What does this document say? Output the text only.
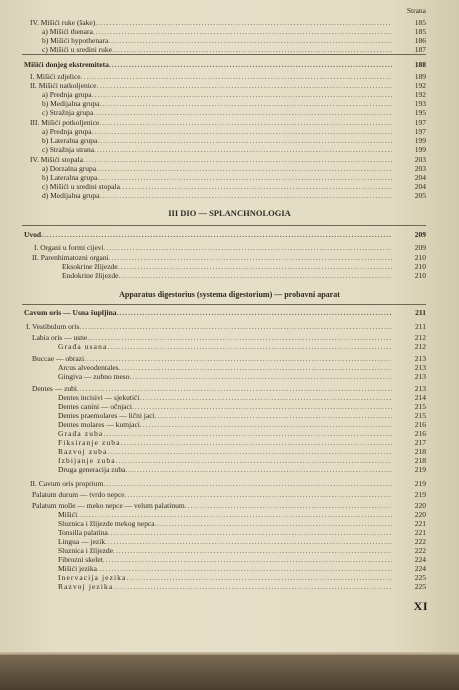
Strana
III DIO — SPLANCHNOLOGIA
Apparatus digestorius (systema digestorium) — probavni aparat
IV. Mišići ruke (šake) .....	185
a) Mišići thenara .....	185
b) Mišići hypothenara .....	186
c) Mišići u sredini ruke .....	187
Mišići donjeg ekstremiteta .....	188
I. Mišići zdjelice .....	189
II. Mišići natkoljenice .....	192
a) Prednja grupa .....	192
b) Medijalna grupa .....	193
c) Stražnja grupa .....	195
III. Mišići potkoljenice .....	197
a) Prednja grupa .....	197
b) Lateralna grupa .....	199
c) Stražnja strana .....	199
IV. Mišići stopala .....	203
a) Dorzalna grupa .....	203
b) Lateralna grupa .....	204
c) Mišići u sredini stopala .....	204
d) Medijalna grupa .....	205
Uvod .....	209
I. Organi u formi cijevi .....	209
II. Parenhimatozni organi .....	210
Eksokrine žlijezde .....	210
Endokrine žlijezde .....	210
Cavum oris — Usna šupljina .....	211
I. Vestibulum oris .....	211
Labia oris — usne .....	212
Građa usana .....	212
Buccae — obrazi .....	213
Arcus alveodentales .....	213
Gingiva — zubno meso .....	213
Dentes — zubi .....	213
Dentes incisivi — sjekutići .....	214
Dentes canini — očnjaci .....	215
Dentes praemolares — lični jaci .....	215
Dentes molares — kutnjaci .....	216
Građa zuba .....	216
Fiksiranje zuba .....	217
Razvoj zuba .....	218
Izbijanje zuba .....	218
Druga generacija zuba .....	219
II. Cavum oris proprium .....	219
Palatum durum — tvrdo nepce .....	219
Palatum molle — meko nepce — velum palatinum .....	220
Mišići .....	220
Sluznica i žlijezde mekog nepca .....	221
Tonsilla palatina .....	221
Lingua — jezik .....	222
Sluznica i žlijezde .....	222
Fibrozni skelet .....	224
Mišići jezika .....	224
Inervacija jezika .....	225
Razvoj jezika .....	225
XI
